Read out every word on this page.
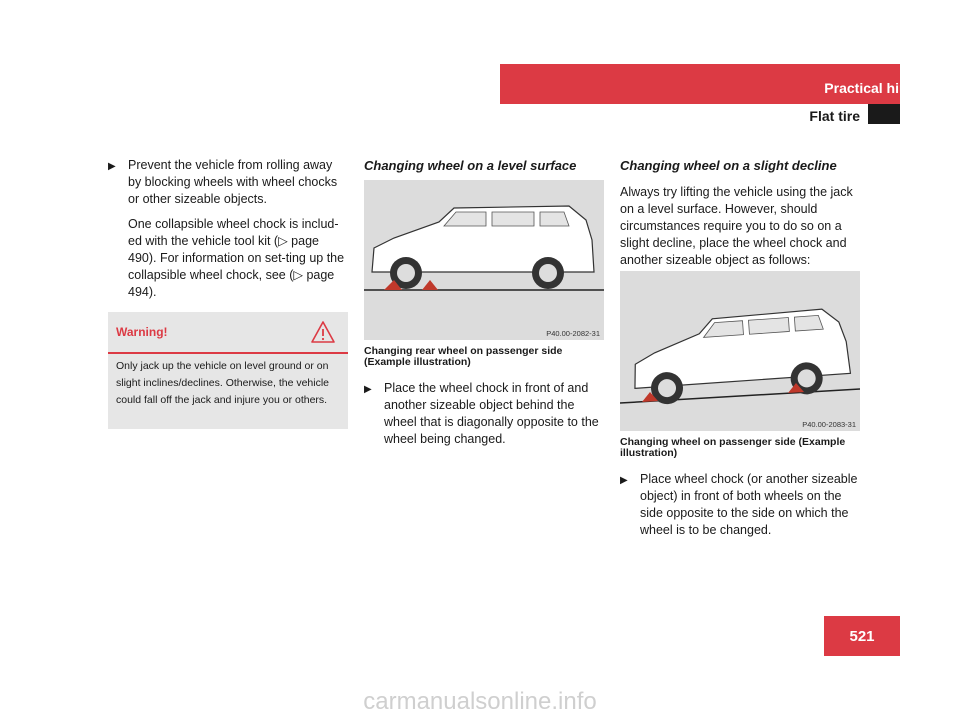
Practical hints
Flat tire
▶ Prevent the vehicle from rolling away by blocking wheels with wheel chocks or other sizeable objects.

One collapsible wheel chock is includ-ed with the vehicle tool kit (▷ page 490). For information on set-ting up the collapsible wheel chock, see (▷ page 494).

Warning!
Only jack up the vehicle on level ground or on slight inclines/declines. Otherwise, the vehicle could fall off the jack and injure you or others.
Changing wheel on a level surface
P40.00-2082-31
Changing rear wheel on passenger side (Example illustration)
▶ Place the wheel chock in front of and another sizeable object behind the wheel that is diagonally opposite to the wheel being changed.
Changing wheel on a slight decline

Always try lifting the vehicle using the jack on a level surface. However, should circumstances require you to do so on a slight decline, place the wheel chock and another sizeable object as follows:

P40.00-2083-31
Changing wheel on passenger side (Example illustration)
▶ Place wheel chock (or another sizeable object) in front of both wheels on the side opposite to the side on which the wheel is to be changed.
521
carmanualsonline.info
